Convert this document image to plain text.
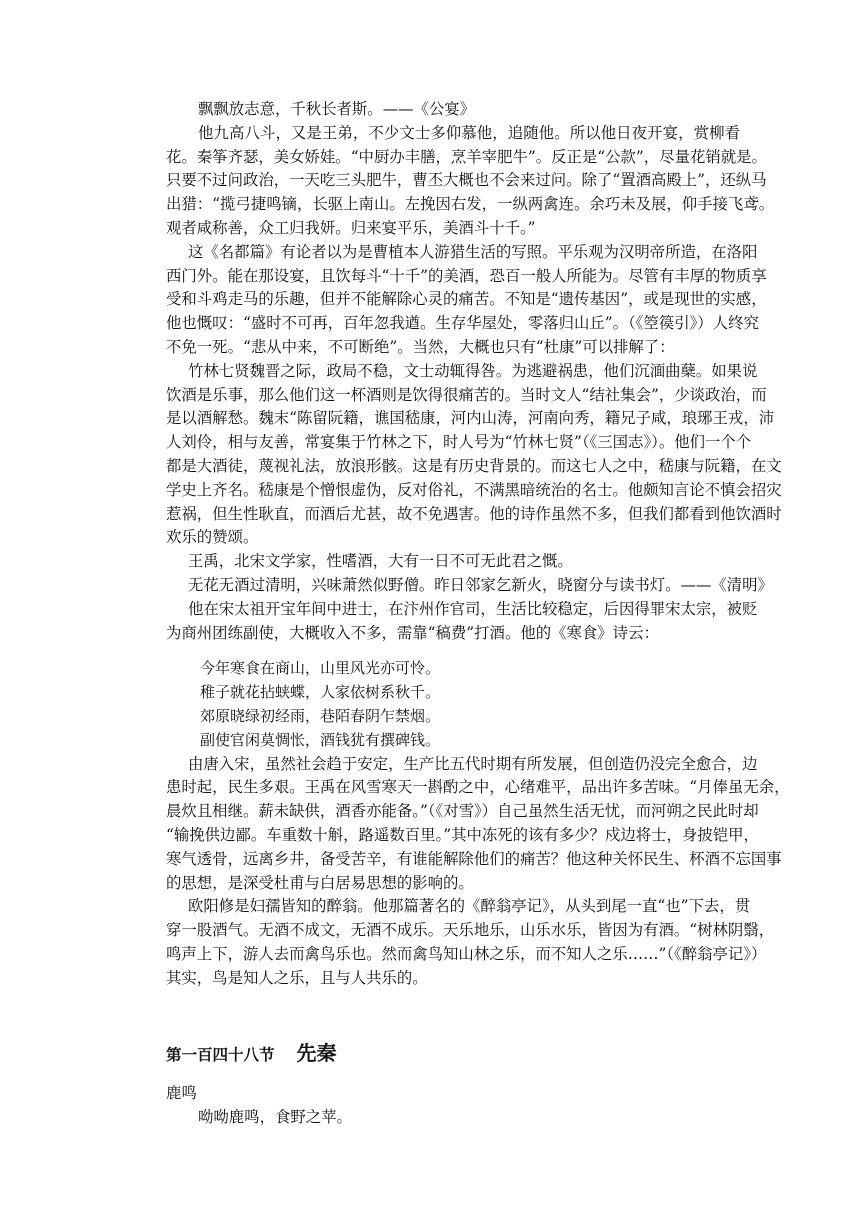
飘飘放志意，千秋长者斯。——《公宴》
他九高八斗，又是王弟，不少文士多仰慕他，追随他。所以他日夜开宴，赏柳看
花。秦筝齐瑟，美女娇娃。“中厨办丰膳，烹羊宰肥牛”。反正是“公款”，尽量花销就是。
只要不过问政治，一天吃三头肥牛，曹丕大概也不会来过问。除了“置酒高殿上”，还纵马
出猎：“揽弓捷鸣镝，长驱上南山。左挽因右发，一纵两禽连。余巧未及展，仰手接飞鸢。
观者咸称善，众工归我妍。归来宴平乐，美酒斗十千。”
这《名都篇》有论者以为是曹植本人游猎生活的写照。平乐观为汉明帝所造，在洛阳
西门外。能在那设宴，且饮每斗“十千”的美酒，恐百一般人所能为。尽管有丰厚的物质享
受和斗鸡走马的乐趣，但并不能解除心灵的痛苦。不知是“遗传基因”，或是现世的实感，
他也慨叹：“盛时不可再，百年忽我遒。生存华屋处，零落归山丘”。（《箜篌引》）人终究
不免一死。“悲从中来，不可断绝”。当然，大概也只有“杜康”可以排解了：
竹林七贤魏晋之际，政局不稳，文士动辄得咎。为逃避祸患，他们沉湎曲蘖。如果说
饮酒是乐事，那么他们这一杯酒则是饮得很痛苦的。当时文人“结社集会”，少谈政治，而
是以酒解愁。魏末“陈留阮籍，谯国嵇康，河内山涛，河南向秀，籍兄子咸，琅琊王戎，沛
人刘伶，相与友善，常宴集于竹林之下，时人号为“竹林七贤”（《三国志》）。他们一个个
都是大酒徒，蔑视礼法，放浪形骸。这是有历史背景的。而这七人之中，嵇康与阮籍，在文
学史上齐名。嵇康是个憎恨虚伪，反对俗礼，不满黑暗统治的名士。他颇知言论不慎会招灾
惹祸，但生性耿直，而酒后尤甚，故不免遇害。他的诗作虽然不多，但我们都看到他饮酒时
欢乐的赞颂。
王禹，北宋文学家，性嗜酒，大有一日不可无此君之慨。
无花无酒过清明，兴味萧然似野僧。昨日邻家乞新火，晓窗分与读书灯。——《清明》
他在宋太祖开宝年间中进士，在汴州作官司，生活比较稳定，后因得罪宋太宗，被贬
为商州团练副使，大概收入不多，需靠“稿费”打酒。他的《寒食》诗云：
今年寒食在商山，山里风光亦可怜。
稚子就花拈蛱蝶，人家依树系秋千。
郊原晓绿初经雨，巷陌春阴乍禁烟。
副使官闲莫惆怅，酒钱犹有撰碑钱。
由唐入宋，虽然社会趋于安定，生产比五代时期有所发展，但创造仍没完全愈合，边
患时起，民生多艰。王禹在风雪寒天一斟酌之中，心绪难平，品出许多苦味。“月俸虽无余，
晨炊且相继。薪未缺供，酒香亦能备。”（《对雪》）自己虽然生活无忧，而河朔之民此时却
“输挽供边鄙。车重数十斛，路遥数百里。”其中冻死的该有多少？戍边将士，身披铠甲，
寒气透骨，远离乡井，备受苦辛，有谁能解除他们的痛苦？他这种关怀民生、杯酒不忘国事
的思想，是深受杜甫与白居易思想的影响的。
欧阳修是妇孺皆知的醉翁。他那篇著名的《醉翁亭记》，从头到尾一直“也”下去，贯
穿一股酒气。无酒不成文，无酒不成乐。天乐地乐，山乐水乐，皆因为有酒。“树林阴翳，
鸣声上下，游人去而禽鸟乐也。然而禽鸟知山林之乐，而不知人之乐……”（《醉翁亭记》）
其实，鸟是知人之乐，且与人共乐的。
第一百四十八节 先秦
鹿鸣
呦呦鹿鸣，食野之苹。
